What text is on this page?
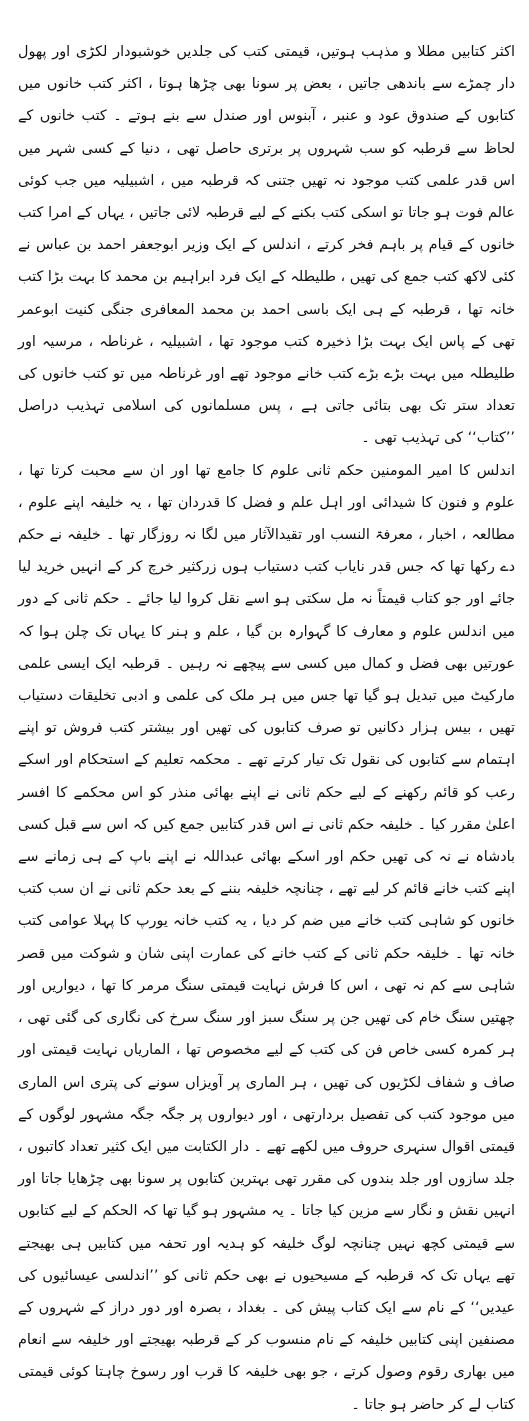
اکثر کتابیں مطلا و مذہب ہوتیں، قیمتی کتب کی جلدیں خوشبودار لکڑی اور پھول دار چمڑے سے باندھی جاتیں ، بعض پر سونا بھی چڑھا ہوتا ، اکثر کتب خانوں میں کتابوں کے صندوق عود و عنبر ، آبنوس اور صندل سے بنے ہوتے ۔ کتب خانوں کے لحاظ سے قرطبہ کو سب شہروں پر برتری حاصل تھی ، دنیا کے کسی شہر میں اس قدر علمی کتب موجود نہ تھیں جتنی کہ قرطبہ میں ، اشبیلیہ میں جب کوئی عالم فوت ہو جاتا تو اسکی کتب بکنے کے لیے قرطبہ لائی جاتیں ، یہاں کے امرا کتب خانوں کے قیام پر باہم فخر کرتے ، اندلس کے ایک وزیر ابوجعفر احمد بن عباس نے کئی لاکھ کتب جمع کی تھیں ، طلیطلہ کے ایک فرد ابراہیم بن محمد کا بہت بڑا کتب خانہ تھا ، قرطبہ کے ہی ایک باسی احمد بن محمد المعافری جنگی کنیت ابوعمر تھی کے پاس ایک بہت بڑا ذخیرہ کتب موجود تھا ، اشبیلیہ ، غرناطہ ، مرسیہ اور طلیطلہ میں بہت بڑے بڑے کتب خانے موجود تھے اور غرناطہ میں تو کتب خانوں کی تعداد ستر تک بھی بتائی جاتی ہے ، پس مسلمانوں کی اسلامی تہذیب دراصل ’’کتاب‘‘ کی تہذیب تھی ۔

اندلس کا امیر المومنین حکم ثانی علوم کا جامع تھا اور ان سے محبت کرتا تھا ، علوم و فنون کا شیدائی اور اہل علم و فضل کا قدردان تھا ، یہ خلیفہ اپنے علوم ، مطالعہ ، اخبار ، معرفۃ النسب اور تقیدالآثار میں لگا نہ روزگار تھا ۔ خلیفہ نے حکم دے رکھا تھا کہ جس قدر نایاب کتب دستیاب ہوں زرکثیر خرچ کر کے انہیں خرید لیا جائے اور جو کتاب قیمتاً نہ مل سکتی ہو اسے نقل کروا لیا جائے ۔ حکم ثانی کے دور میں اندلس علوم و معارف کا گہوارہ بن گیا ، علم و ہنر کا یہاں تک چلن ہوا کہ عورتیں بھی فضل و کمال میں کسی سے پیچھے نہ رہیں ۔ قرطبہ ایک ایسی علمی مارکیٹ میں تبدیل ہو گیا تھا جس میں ہر ملک کی علمی و ادبی تخلیقات دستیاب تھیں ، بیس ہزار دکانیں تو صرف کتابوں کی تھیں اور بیشتر کتب فروش تو اپنے اہتمام سے کتابوں کی نقول تک تیار کرتے تھے ۔ محکمہ تعلیم کے استحکام اور اسکے رعب کو قائم رکھنے کے لیے حکم ثانی نے اپنے بھائی منذر کو اس محکمے کا افسر اعلیٰ مقرر کیا ۔ خلیفہ حکم ثانی نے اس قدر کتابیں جمع کیں کہ اس سے قبل کسی بادشاہ نے نہ کی تھیں حکم اور اسکے بھائی عبداللہ نے اپنے باپ کے ہی زمانے سے اپنے کتب خانے قائم کر لیے تھے ، چنانچہ خلیفہ بننے کے بعد حکم ثانی نے ان سب کتب خانوں کو شاہی کتب خانے میں ضم کر دیا ، یہ کتب خانہ یورپ کا پہلا عوامی کتب خانہ تھا ۔ خلیفہ حکم ثانی کے کتب خانے کی عمارت اپنی شان و شوکت میں قصر شاہی سے کم نہ تھی ، اس کا فرش نہایت قیمتی سنگ مرمر کا تھا ، دیواریں اور چھتیں سنگ خام کی تھیں جن پر سنگ سبز اور سنگ سرخ کی نگاری کی گئی تھی ، ہر کمرہ کسی خاص فن کی کتب کے لیے مخصوص تھا ، الماریاں نہایت قیمتی اور صاف و شفاف لکڑیوں کی تھیں ، ہر الماری پر آویزاں سونے کی پتری اس الماری میں موجود کتب کی تفصیل بردارتھی ، اور دیواروں پر جگہ جگہ مشہور لوگوں کے قیمتی اقوال سنہری حروف میں لکھے تھے ۔ دار الکتابت میں ایک کثیر تعداد کاتبوں ، جلد سازوں اور جلد بندوں کی مقرر تھی بہترین کتابوں پر سونا بھی چڑھایا جاتا اور انہیں نقش و نگار سے مزین کیا جاتا ۔ یہ مشہور ہو گیا تھا کہ الحکم کے لیے کتابوں سے قیمتی کچھ نہیں چنانچہ لوگ خلیفہ کو ہدیہ اور تحفہ میں کتابیں ہی بھیجتے تھے یہاں تک کہ قرطبہ کے مسیحیوں نے بھی حکم ثانی کو ’’اندلسی عیسائیوں کی عیدیں‘‘ کے نام سے ایک کتاب پیش کی ۔ بغداد ، بصرہ اور دور دراز کے شہروں کے مصنفین اپنی کتابیں خلیفہ کے نام منسوب کر کے قرطبہ بھیجتے اور خلیفہ سے انعام میں بھاری رقوم وصول کرتے ، جو بھی خلیفہ کا قرب اور رسوخ چاہتا کوئی قیمتی کتاب لے کر حاضر ہو جاتا ۔
